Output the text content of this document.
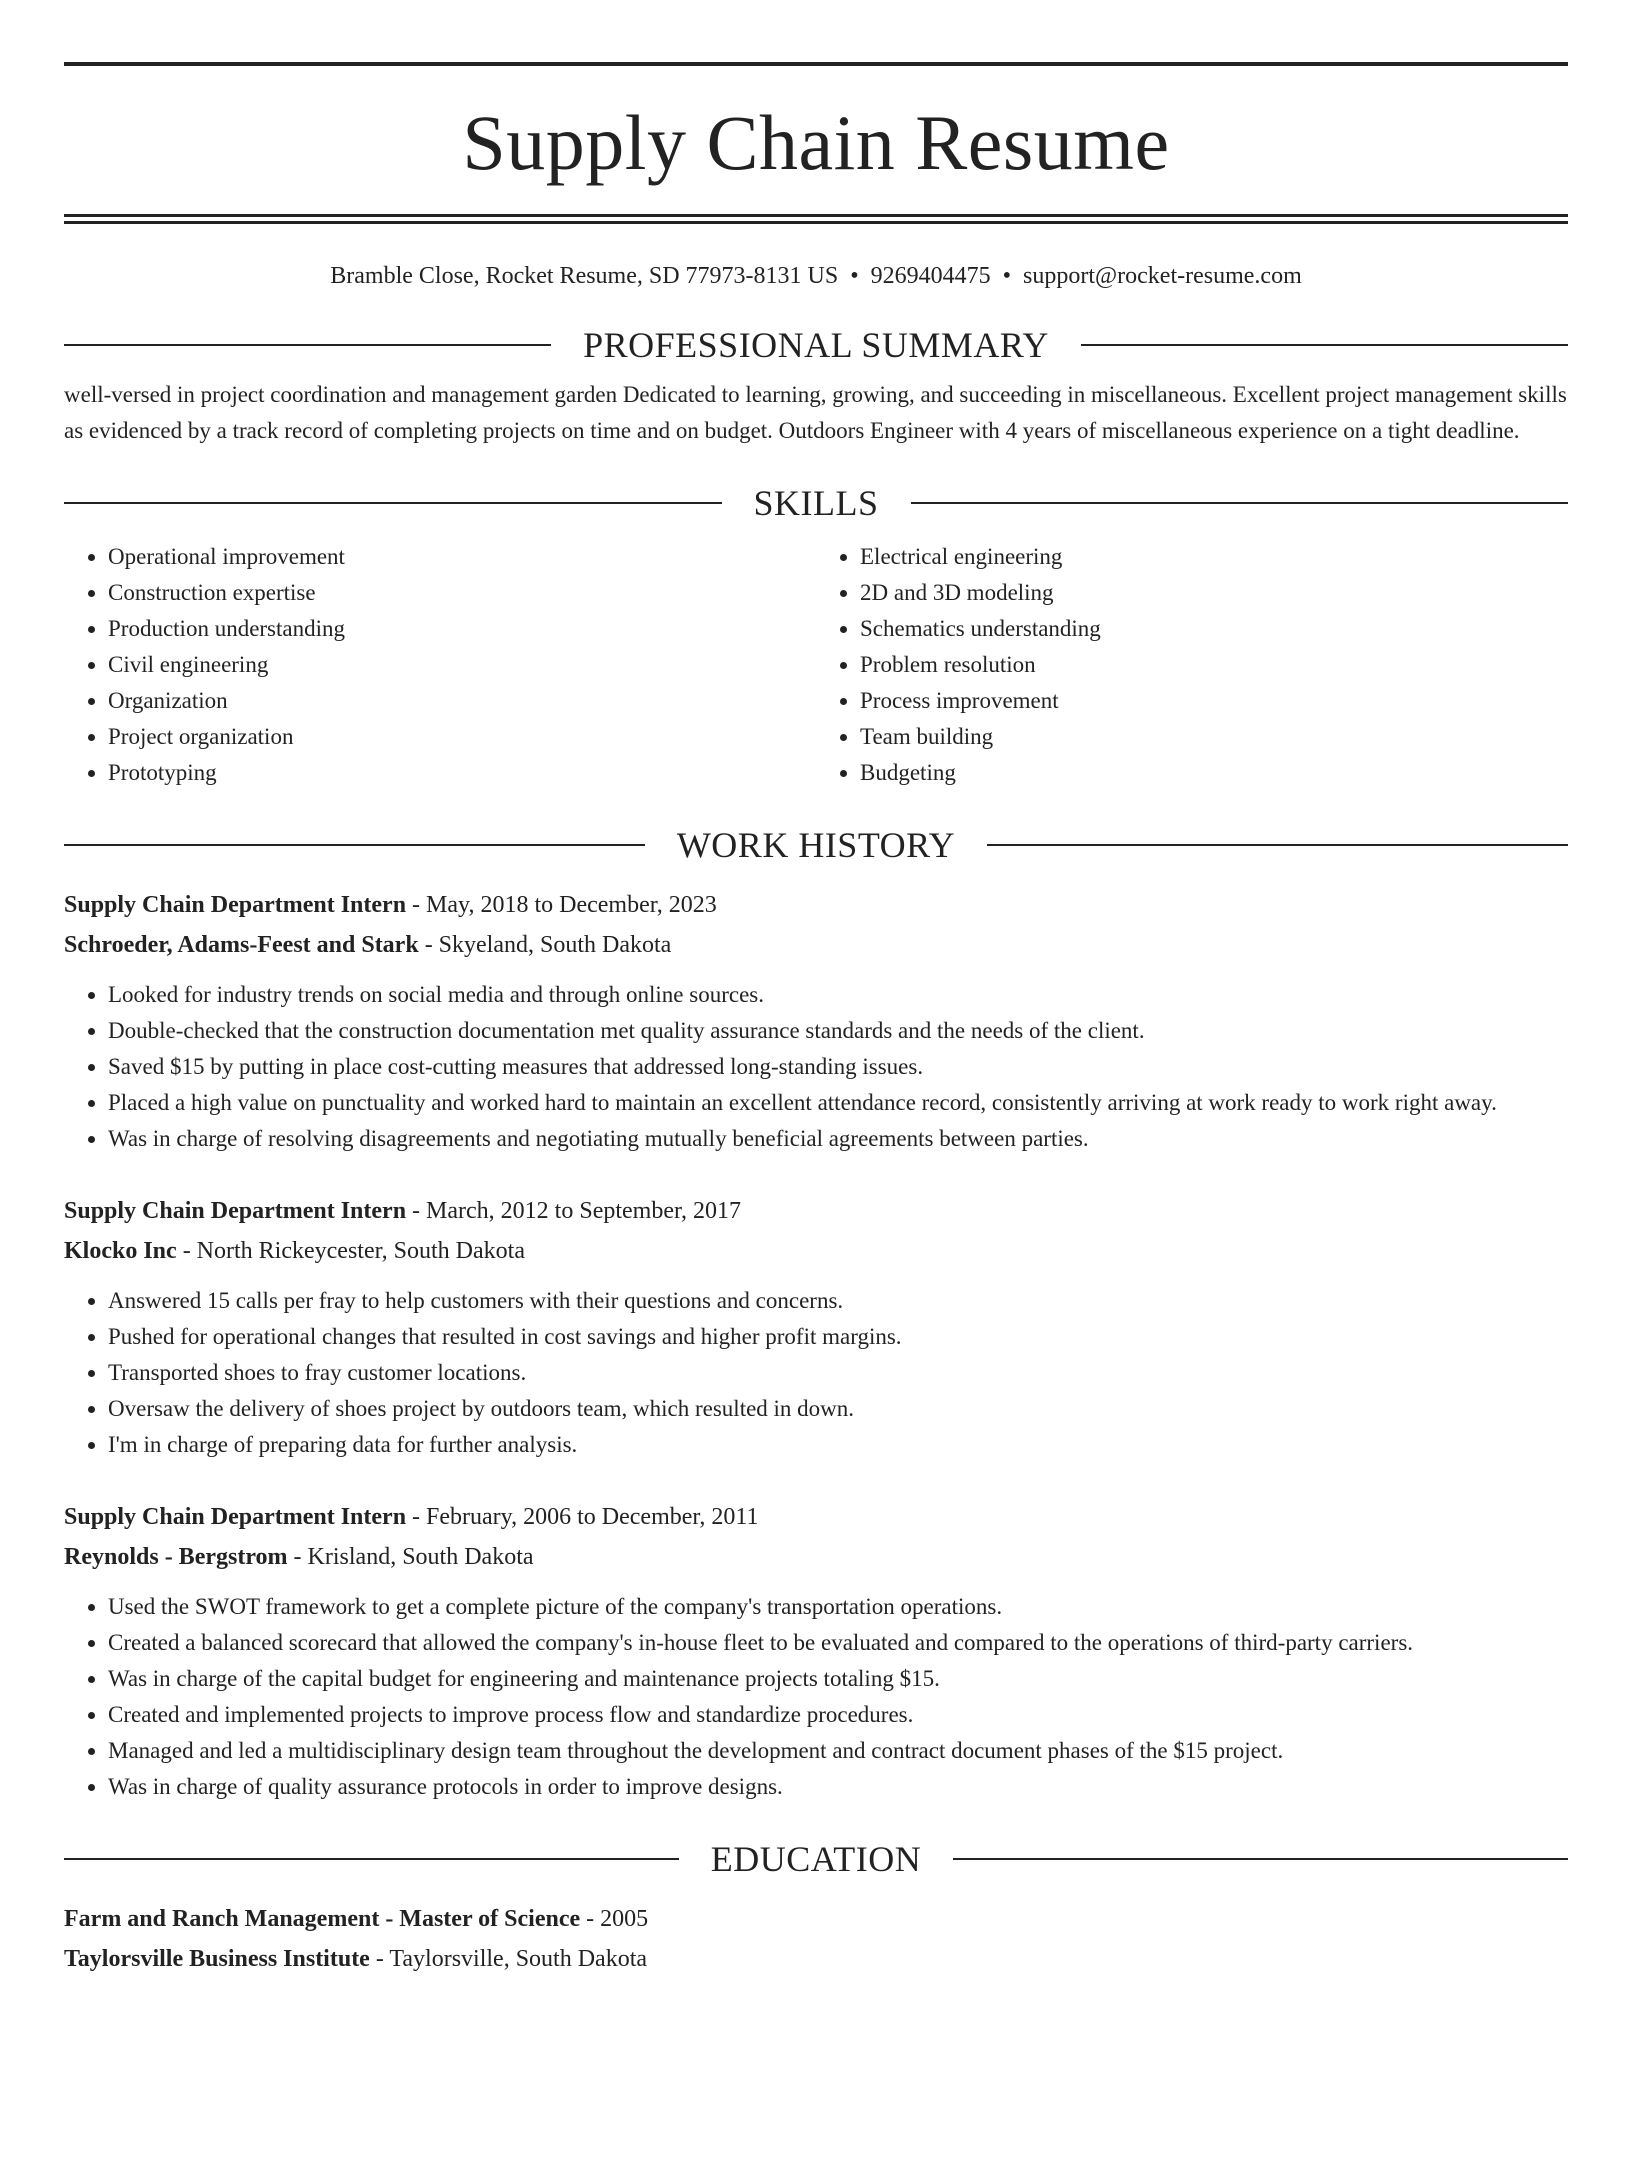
Supply Chain Resume
Bramble Close, Rocket Resume, SD 77973-8131 US • 9269404475 • support@rocket-resume.com
PROFESSIONAL SUMMARY
well-versed in project coordination and management garden Dedicated to learning, growing, and succeeding in miscellaneous. Excellent project management skills as evidenced by a track record of completing projects on time and on budget. Outdoors Engineer with 4 years of miscellaneous experience on a tight deadline.
SKILLS
• Operational improvement
• Construction expertise
• Production understanding
• Civil engineering
• Organization
• Project organization
• Prototyping
• Electrical engineering
• 2D and 3D modeling
• Schematics understanding
• Problem resolution
• Process improvement
• Team building
• Budgeting
WORK HISTORY
Supply Chain Department Intern - May, 2018 to December, 2023
Schroeder, Adams-Feest and Stark - Skyeland, South Dakota
• Looked for industry trends on social media and through online sources.
• Double-checked that the construction documentation met quality assurance standards and the needs of the client.
• Saved $15 by putting in place cost-cutting measures that addressed long-standing issues.
• Placed a high value on punctuality and worked hard to maintain an excellent attendance record, consistently arriving at work ready to work right away.
• Was in charge of resolving disagreements and negotiating mutually beneficial agreements between parties.
Supply Chain Department Intern - March, 2012 to September, 2017
Klocko Inc - North Rickeycester, South Dakota
• Answered 15 calls per fray to help customers with their questions and concerns.
• Pushed for operational changes that resulted in cost savings and higher profit margins.
• Transported shoes to fray customer locations.
• Oversaw the delivery of shoes project by outdoors team, which resulted in down.
• I'm in charge of preparing data for further analysis.
Supply Chain Department Intern - February, 2006 to December, 2011
Reynolds - Bergstrom - Krisland, South Dakota
• Used the SWOT framework to get a complete picture of the company's transportation operations.
• Created a balanced scorecard that allowed the company's in-house fleet to be evaluated and compared to the operations of third-party carriers.
• Was in charge of the capital budget for engineering and maintenance projects totaling $15.
• Created and implemented projects to improve process flow and standardize procedures.
• Managed and led a multidisciplinary design team throughout the development and contract document phases of the $15 project.
• Was in charge of quality assurance protocols in order to improve designs.
EDUCATION
Farm and Ranch Management - Master of Science - 2005
Taylorsville Business Institute - Taylorsville, South Dakota
